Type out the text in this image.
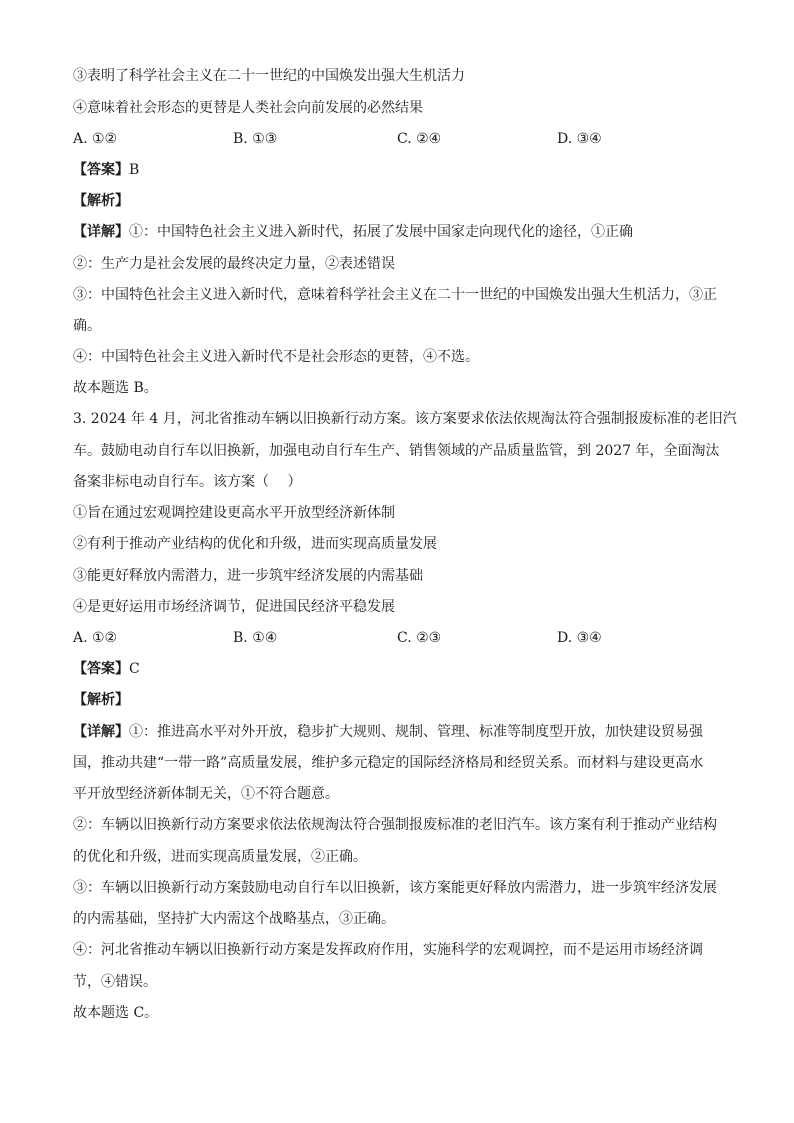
③表明了科学社会主义在二十一世纪的中国焕发出强大生机活力
④意味着社会形态的更替是人类社会向前发展的必然结果
A. ①②	B. ①③	C. ②④	D. ③④
【答案】B
【解析】
【详解】①：中国特色社会主义进入新时代，拓展了发展中国家走向现代化的途径，①正确
②：生产力是社会发展的最终决定力量，②表述错误
③：中国特色社会主义进入新时代，意味着科学社会主义在二十一世纪的中国焕发出强大生机活力，③正
确。
④：中国特色社会主义进入新时代不是社会形态的更替，④不选。
故本题选 B。
3. 2024 年 4 月，河北省推动车辆以旧换新行动方案。该方案要求依法依规淘汰符合强制报废标准的老旧汽
车。鼓励电动自行车以旧换新，加强电动自行车生产、销售领域的产品质量监管，到 2027 年，全面淘汰
备案非标电动自行车。该方案（　 ）
①旨在通过宏观调控建设更高水平开放型经济新体制
②有利于推动产业结构的优化和升级，进而实现高质量发展
③能更好释放内需潜力，进一步筑牢经济发展的内需基础
④是更好运用市场经济调节，促进国民经济平稳发展
A. ①②	B. ①④	C. ②③	D. ③④
【答案】C
【解析】
【详解】①：推进高水平对外开放，稳步扩大规则、规制、管理、标准等制度型开放，加快建设贸易强
国，推动共建“一带一路”高质量发展，维护多元稳定的国际经济格局和经贸关系。而材料与建设更高水
平开放型经济新体制无关，①不符合题意。
②：车辆以旧换新行动方案要求依法依规淘汰符合强制报废标准的老旧汽车。该方案有利于推动产业结构
的优化和升级，进而实现高质量发展，②正确。
③：车辆以旧换新行动方案鼓励电动自行车以旧换新，该方案能更好释放内需潜力，进一步筑牢经济发展
的内需基础，坚持扩大内需这个战略基点，③正确。
④：河北省推动车辆以旧换新行动方案是发挥政府作用，实施科学的宏观调控，而不是运用市场经济调
节，④错误。
故本题选 C。
